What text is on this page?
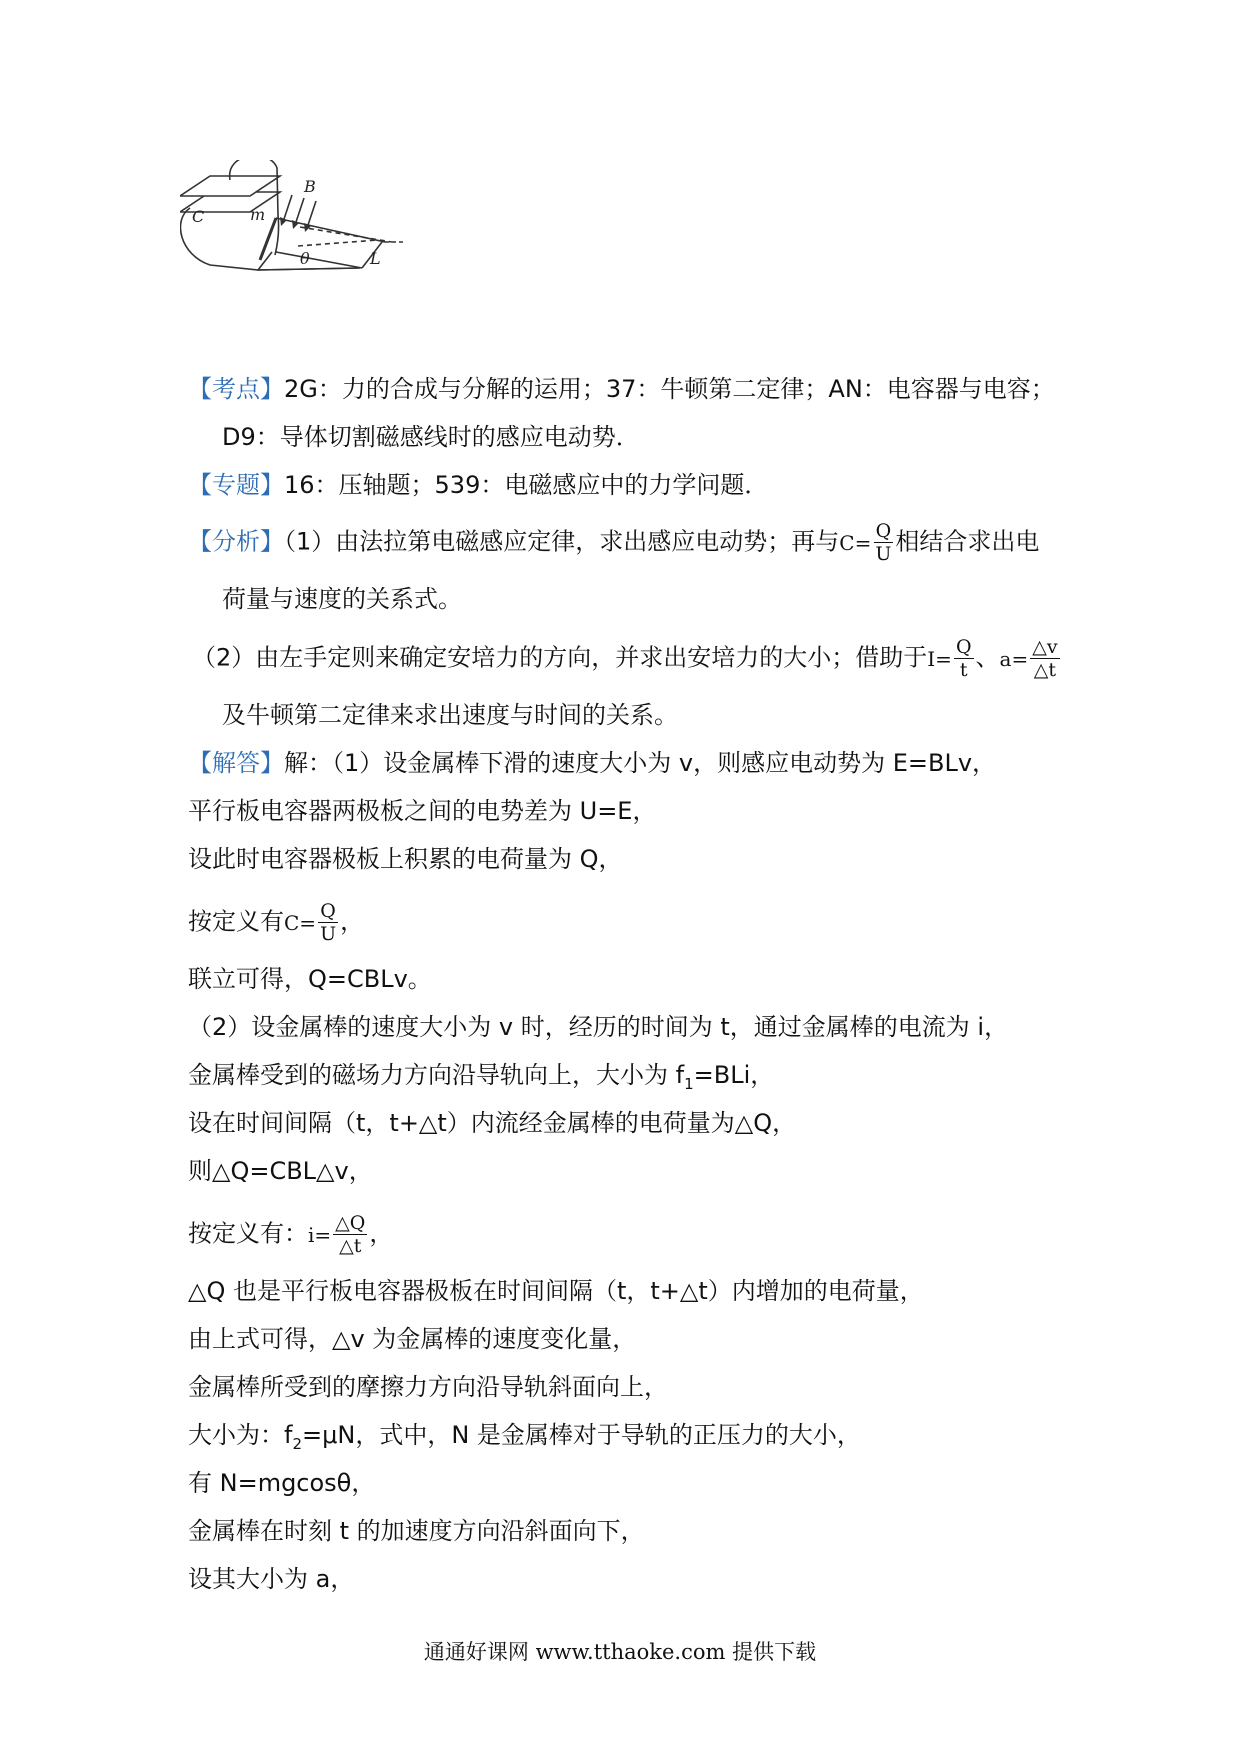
C	m
B
θ	L
【考点】2G：力的合成与分解的运用；37：牛顿第二定律；AN：电容器与电容；
D9：导体切割磁感线时的感应电动势．
【专题】16：压轴题；539：电磁感应中的力学问题．
【分析】（1）由法拉第电磁感应定律，求出感应电动势；再与 $C= \frac{Q}{U}$ 相结合求出电
荷量与速度的关系式。
（2）由左手定则来确定安培力的方向，并求出安培力的大小；借助于 $I= \frac{Q}{t}$ 、 $a= \frac{\triangle v}{\triangle t}$
及牛顿第二定律来求出速度与时间的关系。
【解答】解：（1）设金属棒下滑的速度大小为 v，则感应电动势为 E=BLv，
平行板电容器两极板之间的电势差为 U=E，
设此时电容器极板上积累的电荷量为 Q，
按定义有 $C= \frac{Q}{U}$ ，
联立可得，Q=CBLv。
（2）设金属棒的速度大小为 v 时，经历的时间为 t，通过金属棒的电流为 i，
金属棒受到的磁场力方向沿导轨向上，大小为 $f_1=BLi$，
设在时间间隔（t，t+△t）内流经金属棒的电荷量为△Q，
则△Q=CBL△v，
按定义有： $i= \frac{\triangle Q}{\triangle t}$ ，
△Q 也是平行板电容器极板在时间间隔（t，t+△t）内增加的电荷量，
由上式可得，△v 为金属棒的速度变化量，
金属棒所受到的摩擦力方向沿导轨斜面向上，
大小为：$f_2=\mu N$，式中，N 是金属棒对于导轨的正压力的大小，
有 N=mgcosθ，
金属棒在时刻 t 的加速度方向沿斜面向下，
设其大小为 a，
通通好课网 www.tthaoke.com 提供下载
